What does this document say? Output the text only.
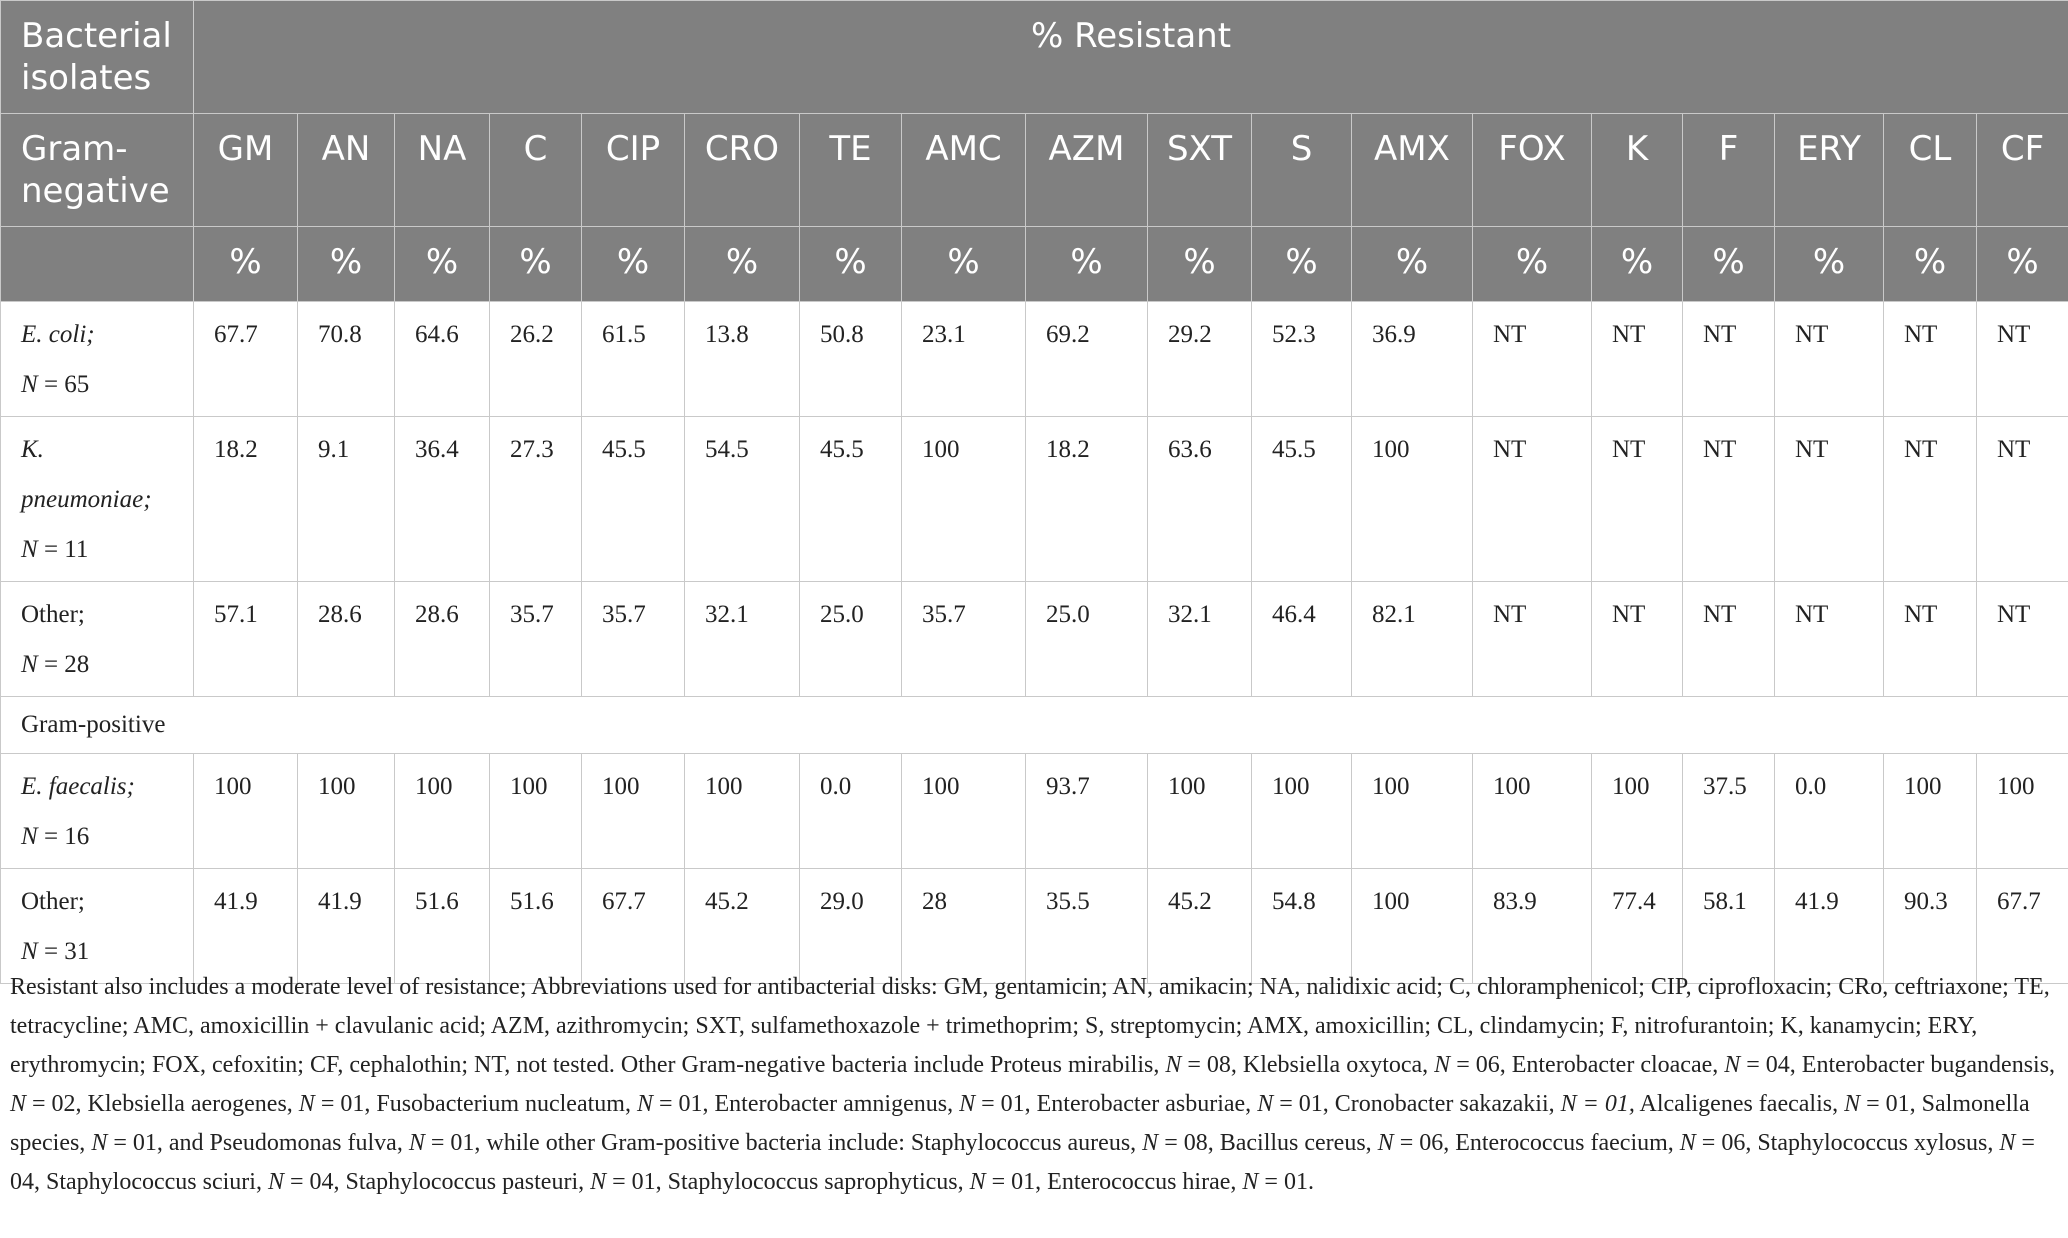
Bacterial isolates	% Resistant																	
Gram-negative	GM	AN	NA	C	CIP	CRO	TE	AMC	AZM	SXT	S	AMX	FOX	K	F	ERY	CL	CF
	%	%	%	%	%	%	%	%	%	%	%	%	%	%	%	%	%	%
E. coli;
N = 65	67.7	70.8	64.6	26.2	61.5	13.8	50.8	23.1	69.2	29.2	52.3	36.9	NT	NT	NT	NT	NT	NT
K. pneumoniae;
N = 11	18.2	9.1	36.4	27.3	45.5	54.5	45.5	100	18.2	63.6	45.5	100	NT	NT	NT	NT	NT	NT
Other;
N = 28	57.1	28.6	28.6	35.7	35.7	32.1	25.0	35.7	25.0	32.1	46.4	82.1	NT	NT	NT	NT	NT	NT
Gram-positive																		
E. faecalis;
N = 16	100	100	100	100	100	100	0.0	100	93.7	100	100	100	100	100	37.5	0.0	100	100
Other;
N = 31	41.9	41.9	51.6	51.6	67.7	45.2	29.0	28	35.5	45.2	54.8	100	83.9	77.4	58.1	41.9	90.3	67.7
Resistant also includes a moderate level of resistance; Abbreviations used for antibacterial disks: GM, gentamicin; AN, amikacin; NA, nalidixic acid; C, chloramphenicol; CIP, ciprofloxacin; CRo, ceftriaxone; TE, tetracycline; AMC, amoxicillin + clavulanic acid; AZM, azithromycin; SXT, sulfamethoxazole + trimethoprim; S, streptomycin; AMX, amoxicillin; CL, clindamycin; F, nitrofurantoin; K, kanamycin; ERY, erythromycin; FOX, cefoxitin; CF, cephalothin; NT, not tested. Other Gram-negative bacteria include Proteus mirabilis, N = 08, Klebsiella oxytoca, N = 06, Enterobacter cloacae, N = 04, Enterobacter bugandensis, N = 02, Klebsiella aerogenes, N = 01, Fusobacterium nucleatum, N = 01, Enterobacter amnigenus, N = 01, Enterobacter asburiae, N = 01, Cronobacter sakazakii, N = 01, Alcaligenes faecalis, N = 01, Salmonella species, N = 01, and Pseudomonas fulva, N = 01, while other Gram-positive bacteria include: Staphylococcus aureus, N = 08, Bacillus cereus, N = 06, Enterococcus faecium, N = 06, Staphylococcus xylosus, N = 04, Staphylococcus sciuri, N = 04, Staphylococcus pasteuri, N = 01, Staphylococcus saprophyticus, N = 01, Enterococcus hirae, N = 01.
